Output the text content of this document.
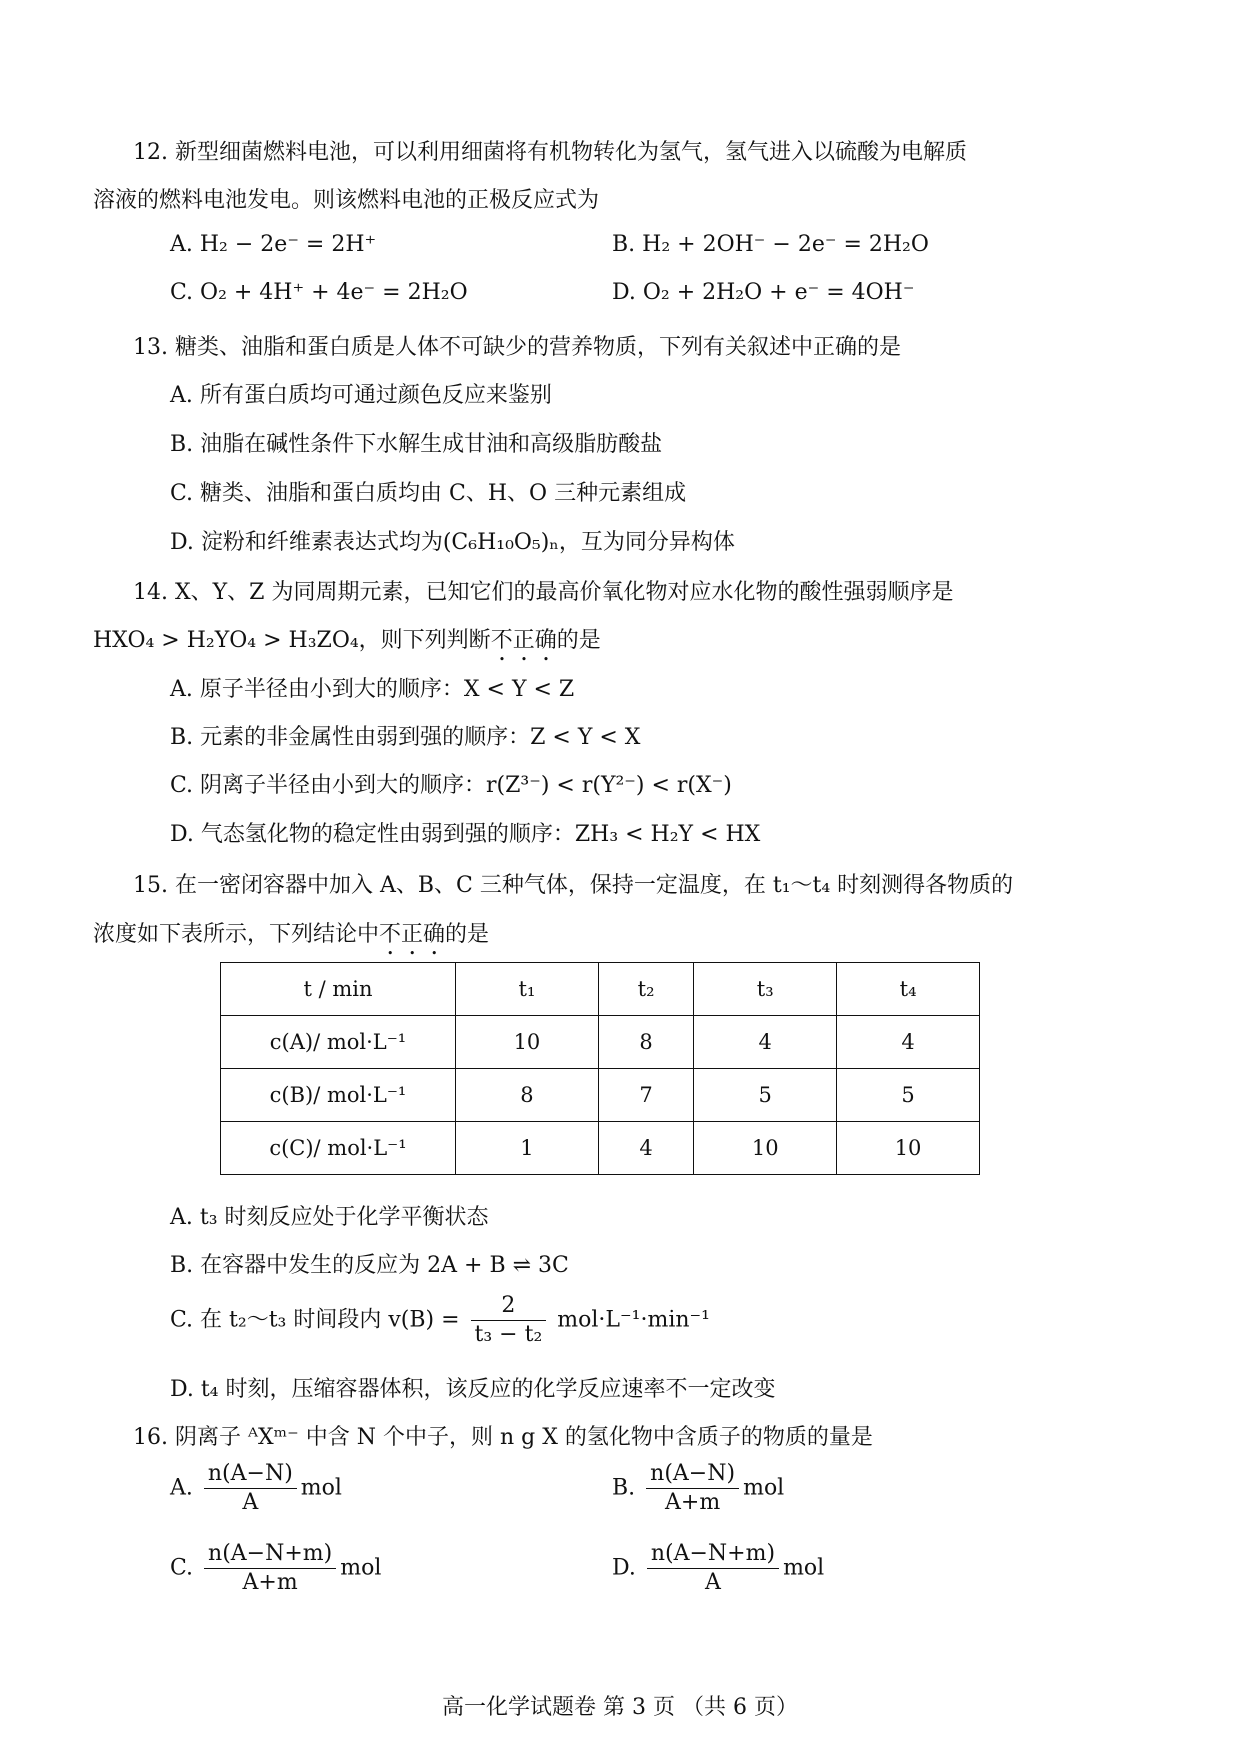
12. 新型细菌燃料电池，可以利用细菌将有机物转化为氢气，氢气进入以硫酸为电解质
溶液的燃料电池发电。则该燃料电池的正极反应式为
A. H₂ − 2e⁻ = 2H⁺	B. H₂ + 2OH⁻ − 2e⁻ = 2H₂O
C. O₂ + 4H⁺ + 4e⁻ = 2H₂O	D. O₂ + 2H₂O + e⁻ = 4OH⁻
13. 糖类、油脂和蛋白质是人体不可缺少的营养物质，下列有关叙述中正确的是
A. 所有蛋白质均可通过颜色反应来鉴别
B. 油脂在碱性条件下水解生成甘油和高级脂肪酸盐
C. 糖类、油脂和蛋白质均由 C、H、O 三种元素组成
D. 淀粉和纤维素表达式均为(C₆H₁₀O₅)ₙ，互为同分异构体
14. X、Y、Z 为同周期元素，已知它们的最高价氧化物对应水化物的酸性强弱顺序是
HXO₄ > H₂YO₄ > H₃ZO₄，则下列判断不正确的是
A. 原子半径由小到大的顺序：X < Y < Z
B. 元素的非金属性由弱到强的顺序：Z < Y < X
C. 阴离子半径由小到大的顺序：r(Z³⁻) < r(Y²⁻) < r(X⁻)
D. 气态氢化物的稳定性由弱到强的顺序：ZH₃ < H₂Y < HX
15. 在一密闭容器中加入 A、B、C 三种气体，保持一定温度，在 t₁～t₄ 时刻测得各物质的
浓度如下表所示，下列结论中不正确的是
t / min	t₁	t₂	t₃	t₄
c(A)/ mol·L⁻¹	10	8	4	4
c(B)/ mol·L⁻¹	8	7	5	5
c(C)/ mol·L⁻¹	1	4	10	10
A. t₃ 时刻反应处于化学平衡状态
B. 在容器中发生的反应为 2A + B ⇌ 3C
C. 在 t₂～t₃ 时间段内 $v(B) = \frac{2}{\text{t₃ − t₂}} mol\cdot L^{-1}\cdot\min^{-1}$
D. t₄ 时刻，压缩容器体积，该反应的化学反应速率不一定改变
16. 阴离子 ᴬXᵐ⁻ 中含 N 个中子，则 n g X 的氢化物中含质子的物质的量是
A. $\frac{n(A-N)}{A}$ mol	B. $\frac{n(A-N)}{A+m}$ mol
C. $\frac{n(A-N+m)}{A+m}$ mol	D. $\frac{n(A-N+m)}{A}$ mol
高一化学试题卷 第 3 页 （共 6 页）
